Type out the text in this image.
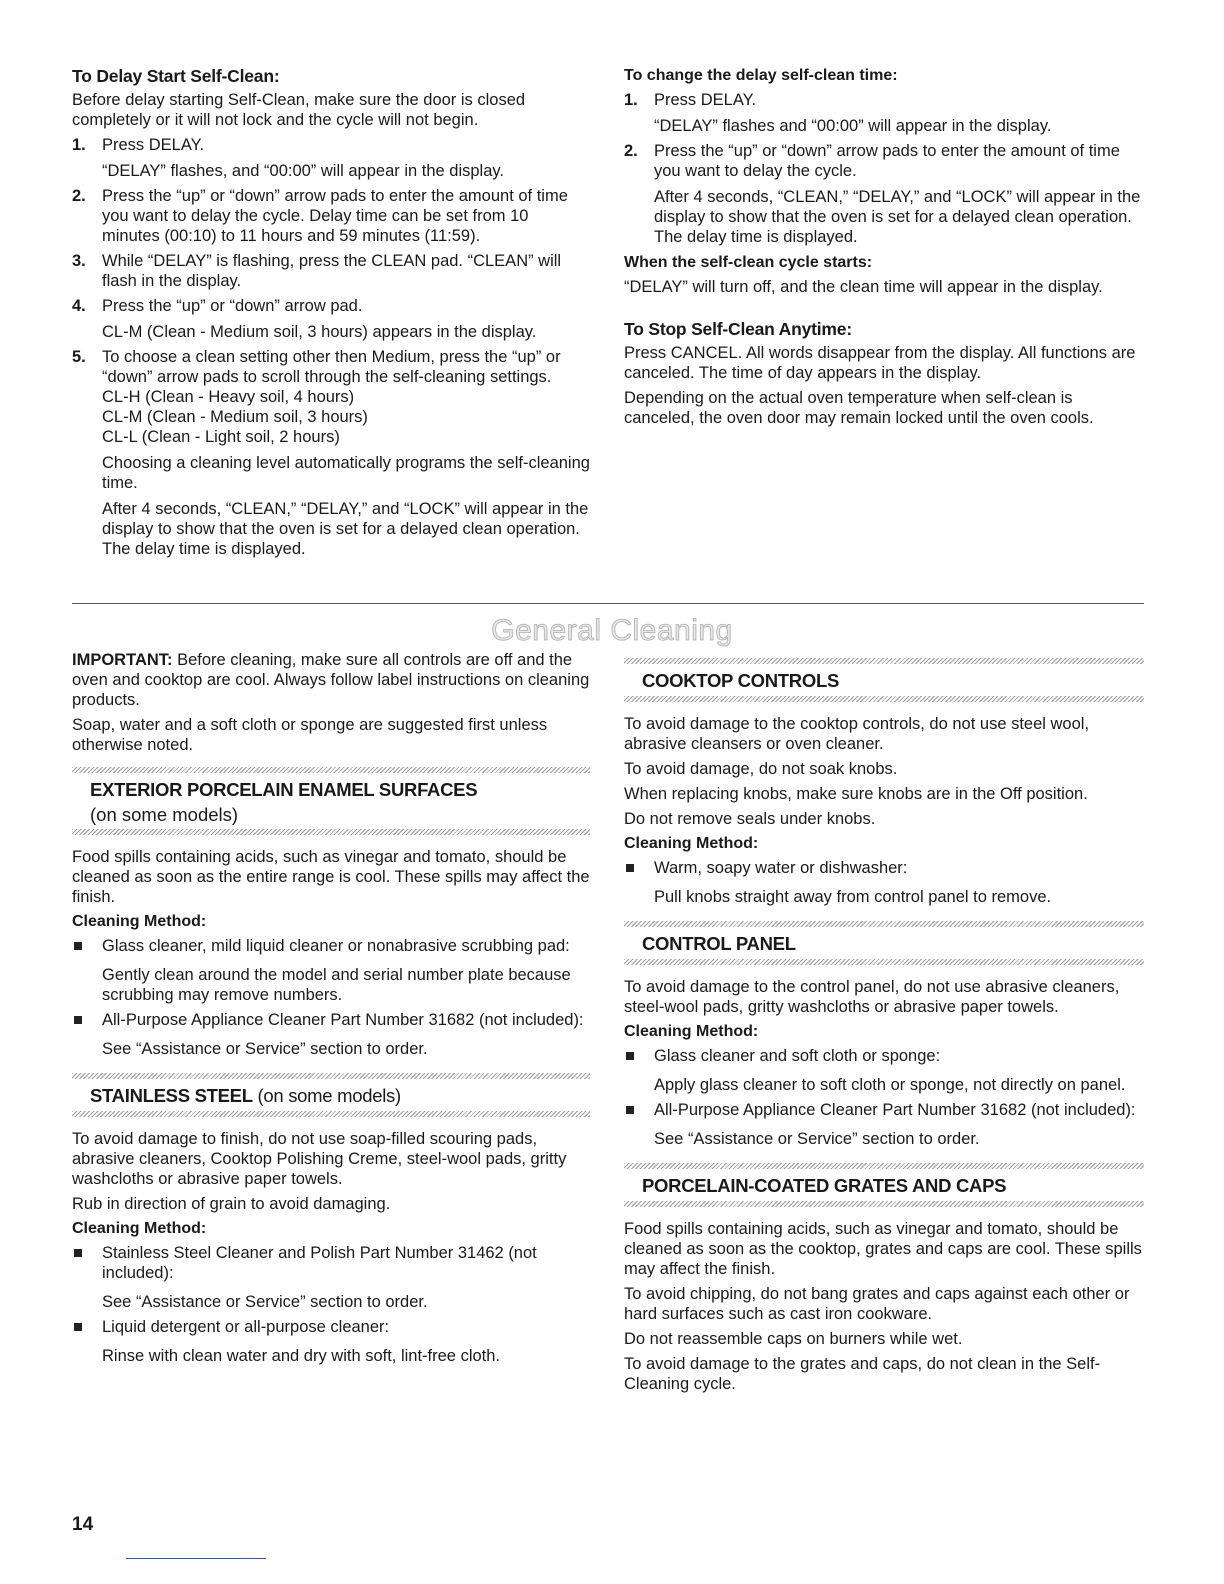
To Delay Start Self-Clean:

Before delay starting Self-Clean, make sure the door is closed completely or it will not lock and the cycle will not begin.

1. Press DELAY.
“DELAY” flashes, and “00:00” will appear in the display.
2. Press the “up” or “down” arrow pads to enter the amount of time you want to delay the cycle. Delay time can be set from 10 minutes (00:10) to 11 hours and 59 minutes (11:59).
3. While “DELAY” is flashing, press the CLEAN pad. “CLEAN” will flash in the display.
4. Press the “up” or “down” arrow pad.
CL-M (Clean - Medium soil, 3 hours) appears in the display.
5. To choose a clean setting other then Medium, press the “up” or “down” arrow pads to scroll through the self-cleaning settings.
CL-H (Clean - Heavy soil, 4 hours)
CL-M (Clean - Medium soil, 3 hours)
CL-L (Clean - Light soil, 2 hours)
Choosing a cleaning level automatically programs the self-cleaning time.
After 4 seconds, “CLEAN,” “DELAY,” and “LOCK” will appear in the display to show that the oven is set for a delayed clean operation. The delay time is displayed.
To change the delay self-clean time:
1. Press DELAY.
“DELAY” flashes and “00:00” will appear in the display.
2. Press the “up” or “down” arrow pads to enter the amount of time you want to delay the cycle.
After 4 seconds, “CLEAN,” “DELAY,” and “LOCK” will appear in the display to show that the oven is set for a delayed clean operation. The delay time is displayed.
When the self-clean cycle starts:

“DELAY” will turn off, and the clean time will appear in the display.

To Stop Self-Clean Anytime:

Press CANCEL. All words disappear from the display. All functions are canceled. The time of day appears in the display.

Depending on the actual oven temperature when self-clean is canceled, the oven door may remain locked until the oven cools.

General Cleaning

IMPORTANT: Before cleaning, make sure all controls are off and the oven and cooktop are cool. Always follow label instructions on cleaning products.

Soap, water and a soft cloth or sponge are suggested first unless otherwise noted.

EXTERIOR PORCELAIN ENAMEL SURFACES
(on some models)

Food spills containing acids, such as vinegar and tomato, should be cleaned as soon as the entire range is cool. These spills may affect the finish.

Cleaning Method:
Glass cleaner, mild liquid cleaner or nonabrasive scrubbing pad:
Gently clean around the model and serial number plate because scrubbing may remove numbers.
All-Purpose Appliance Cleaner Part Number 31682 (not included):
See “Assistance or Service” section to order.
STAINLESS STEEL (on some models)

To avoid damage to finish, do not use soap-filled scouring pads, abrasive cleaners, Cooktop Polishing Creme, steel-wool pads, gritty washcloths or abrasive paper towels.

Rub in direction of grain to avoid damaging.

Cleaning Method:
Stainless Steel Cleaner and Polish Part Number 31462 (not included):
See “Assistance or Service” section to order.
Liquid detergent or all-purpose cleaner:
Rinse with clean water and dry with soft, lint-free cloth.
COOKTOP CONTROLS

To avoid damage to the cooktop controls, do not use steel wool, abrasive cleansers or oven cleaner.

To avoid damage, do not soak knobs.

When replacing knobs, make sure knobs are in the Off position.

Do not remove seals under knobs.

Cleaning Method:
Warm, soapy water or dishwasher:
Pull knobs straight away from control panel to remove.
CONTROL PANEL

To avoid damage to the control panel, do not use abrasive cleaners, steel-wool pads, gritty washcloths or abrasive paper towels.

Cleaning Method:
Glass cleaner and soft cloth or sponge:
Apply glass cleaner to soft cloth or sponge, not directly on panel.
All-Purpose Appliance Cleaner Part Number 31682 (not included):
See “Assistance or Service” section to order.
PORCELAIN-COATED GRATES AND CAPS

Food spills containing acids, such as vinegar and tomato, should be cleaned as soon as the cooktop, grates and caps are cool. These spills may affect the finish.

To avoid chipping, do not bang grates and caps against each other or hard surfaces such as cast iron cookware.

Do not reassemble caps on burners while wet.

To avoid damage to the grates and caps, do not clean in the Self-Cleaning cycle.

14
